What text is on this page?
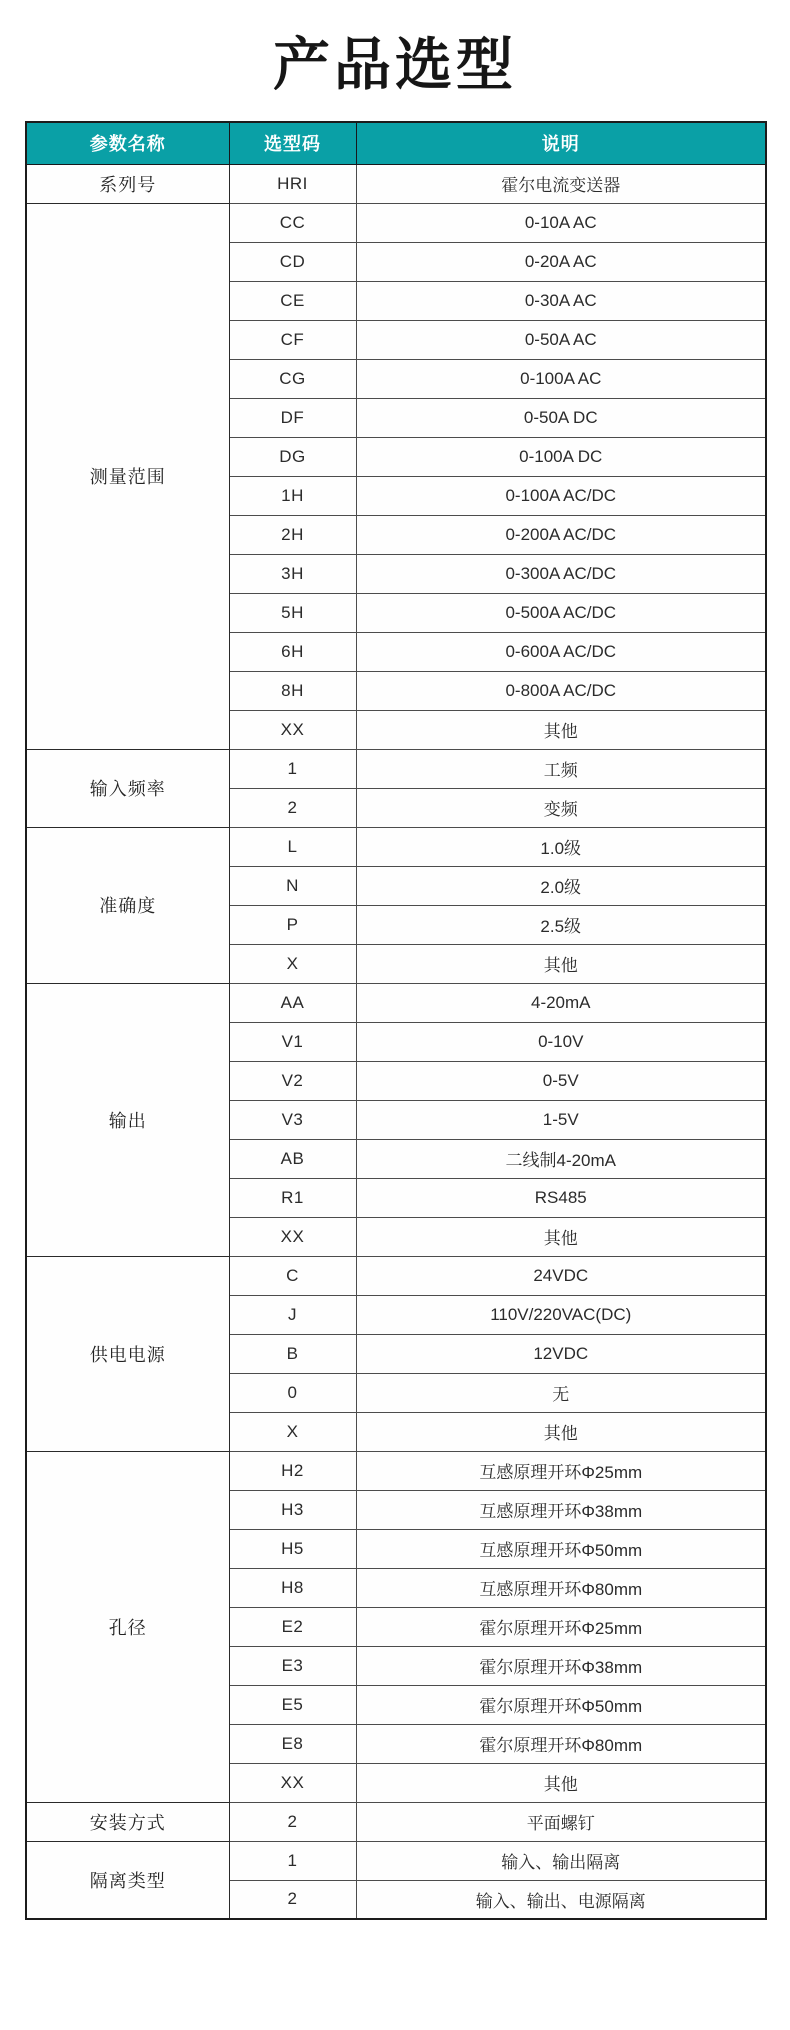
产品选型
参数名称	选型码	说明
系列号	HRI	霍尔电流变送器
测量范围	CC	0-10A AC
	CD	0-20A AC
	CE	0-30A AC
	CF	0-50A AC
	CG	0-100A AC
	DF	0-50A DC
	DG	0-100A DC
	1H	0-100A AC/DC
	2H	0-200A AC/DC
	3H	0-300A AC/DC
	5H	0-500A AC/DC
	6H	0-600A AC/DC
	8H	0-800A AC/DC
	XX	其他
输入频率	1	工频
	2	变频
准确度	L	1.0级
	N	2.0级
	P	2.5级
	X	其他
输出	AA	4-20mA
	V1	0-10V
	V2	0-5V
	V3	1-5V
	AB	二线制4-20mA
	R1	RS485
	XX	其他
供电电源	C	24VDC
	J	110V/220VAC(DC)
	B	12VDC
	0	无
	X	其他
孔径	H2	互感原理开环Φ25mm
	H3	互感原理开环Φ38mm
	H5	互感原理开环Φ50mm
	H8	互感原理开环Φ80mm
	E2	霍尔原理开环Φ25mm
	E3	霍尔原理开环Φ38mm
	E5	霍尔原理开环Φ50mm
	E8	霍尔原理开环Φ80mm
	XX	其他
安装方式	2	平面螺钉
隔离类型	1	输入、输出隔离
	2	输入、输出、电源隔离
